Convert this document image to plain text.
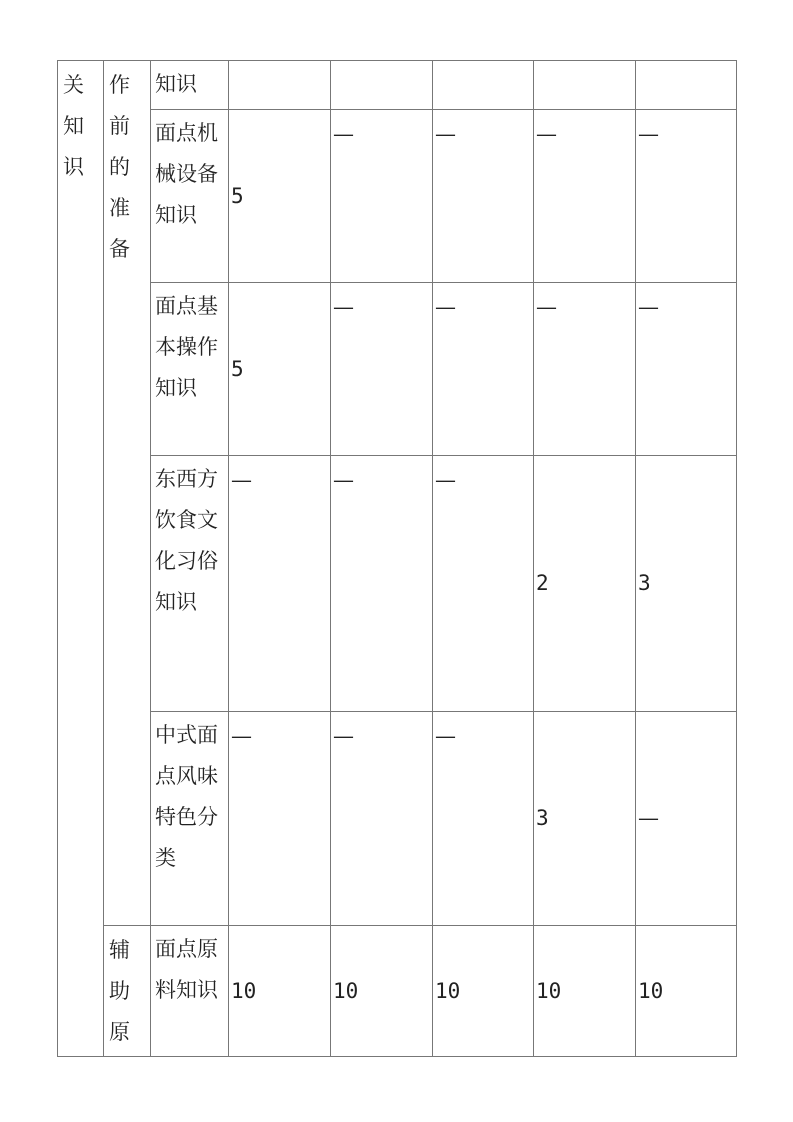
关知识	作前的准备	知识					

		面点机械设备知识	5	—	—	—	—

		面点基本操作知识	5	—	—	—	—

		东西方饮食文化习俗知识	—	—	—	2	3

		中式面点风味特色分类	—	—	—	3	—

	辅助原	面点原料知识	10	10	10	10	10
